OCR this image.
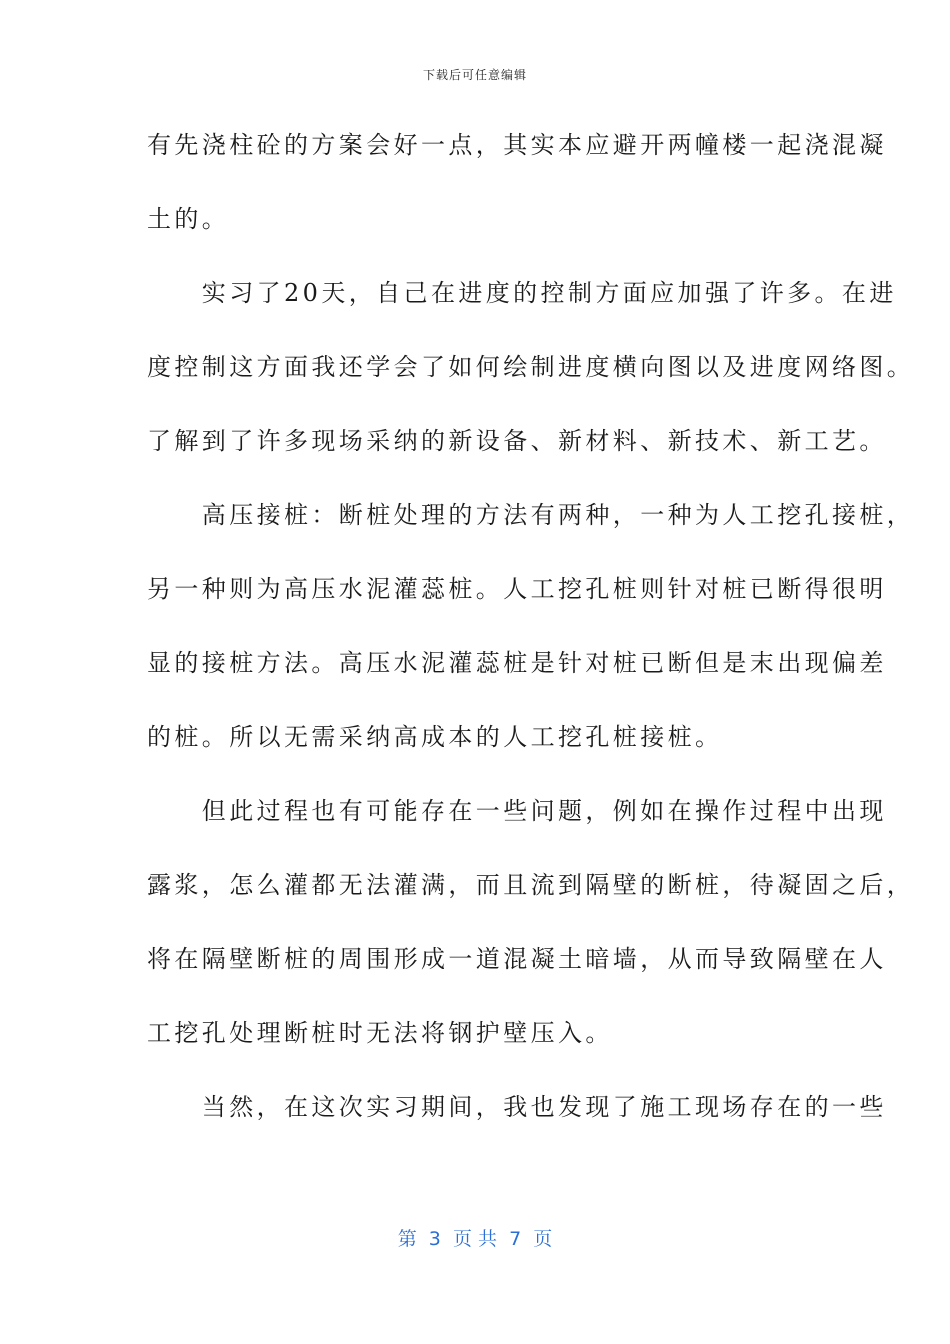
下载后可任意编辑
有先浇柱砼的方案会好一点，其实本应避开两幢楼一起浇混凝
土的。
　　实习了20天，自己在进度的控制方面应加强了许多。在进
度控制这方面我还学会了如何绘制进度横向图以及进度网络图。
了解到了许多现场采纳的新设备、新材料、新技术、新工艺。
　　高压接桩：断桩处理的方法有两种，一种为人工挖孔接桩，
另一种则为高压水泥灌蕊桩。人工挖孔桩则针对桩已断得很明
显的接桩方法。高压水泥灌蕊桩是针对桩已断但是末出现偏差
的桩。所以无需采纳高成本的人工挖孔桩接桩。
　　但此过程也有可能存在一些问题，例如在操作过程中出现
露浆，怎么灌都无法灌满，而且流到隔壁的断桩，待凝固之后，
将在隔壁断桩的周围形成一道混凝土暗墙，从而导致隔壁在人
工挖孔处理断桩时无法将钢护壁压入。
　　当然，在这次实习期间，我也发现了施工现场存在的一些
第  3  页 共  7  页
